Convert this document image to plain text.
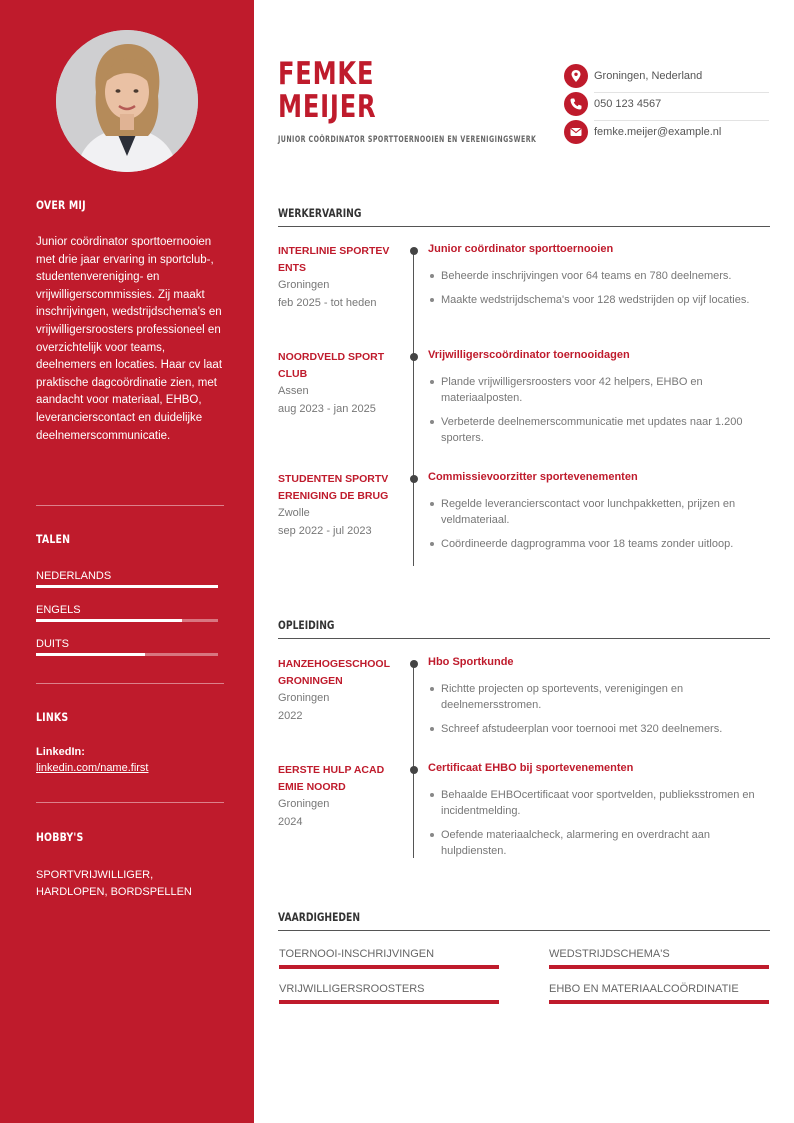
OVER MIJ
Junior coördinator sporttoernooien met drie jaar ervaring in sportclub-, studentenvereniging- en vrijwilligerscommissies. Zij maakt inschrijvingen, wedstrijdschema's en vrijwilligersroosters professioneel en overzichtelijk voor teams, deelnemers en locaties. Haar cv laat praktische dagcoördinatie zien, met aandacht voor materiaal, EHBO, leverancierscontact en duidelijke deelnemerscommunicatie.
TALEN
NEDERLANDS
ENGELS
DUITS
LINKS
LinkedIn:
linkedin.com/name.first
HOBBY'S
SPORTVRIJWILLIGER, HARDLOPEN, BORDSPELLEN
FEMKE
MEIJER
JUNIOR COÖRDINATOR SPORTTOERNOOIEN EN VERENIGINGSWERK
Groningen, Nederland
050 123 4567
femke.meijer@example.nl
WERKERVARING
INTERLINIE SPORTEVENTS
Groningen
feb 2025 - tot heden
Junior coördinator sporttoernooien
Beheerde inschrijvingen voor 64 teams en 780 deelnemers.
Maakte wedstrijdschema's voor 128 wedstrijden op vijf locaties.
NOORDVELD SPORTCLUB
Assen
aug 2023 - jan 2025
Vrijwilligerscoördinator toernooidagen
Plande vrijwilligersroosters voor 42 helpers, EHBO en materiaalposten.
Verbeterde deelnemerscommunicatie met updates naar 1.200 sporters.
STUDENTEN SPORTVERENIGING DE BRUG
Zwolle
sep 2022 - jul 2023
Commissievoorzitter sportevenementen
Regelde leverancierscontact voor lunchpakketten, prijzen en veldmateriaal.
Coördineerde dagprogramma voor 18 teams zonder uitloop.
OPLEIDING
HANZEHOGESCHOOL GRONINGEN
Groningen
2022
Hbo Sportkunde
Richtte projecten op sportevents, verenigingen en deelnemersstromen.
Schreef afstudeerplan voor toernooi met 320 deelnemers.
EERSTE HULP ACADEMIE NOORD
Groningen
2024
Certificaat EHBO bij sportevenementen
Behaalde EHBOcertificaat voor sportvelden, publieksstromen en incidentmelding.
Oefende materiaalcheck, alarmering en overdracht aan hulpdiensten.
VAARDIGHEDEN
TOERNOOI-INSCHRIJVINGEN	WEDSTRIJDSCHEMA'S
VRIJWILLIGERSROOSTERS	EHBO EN MATERIAALCOÖRDINATIE
